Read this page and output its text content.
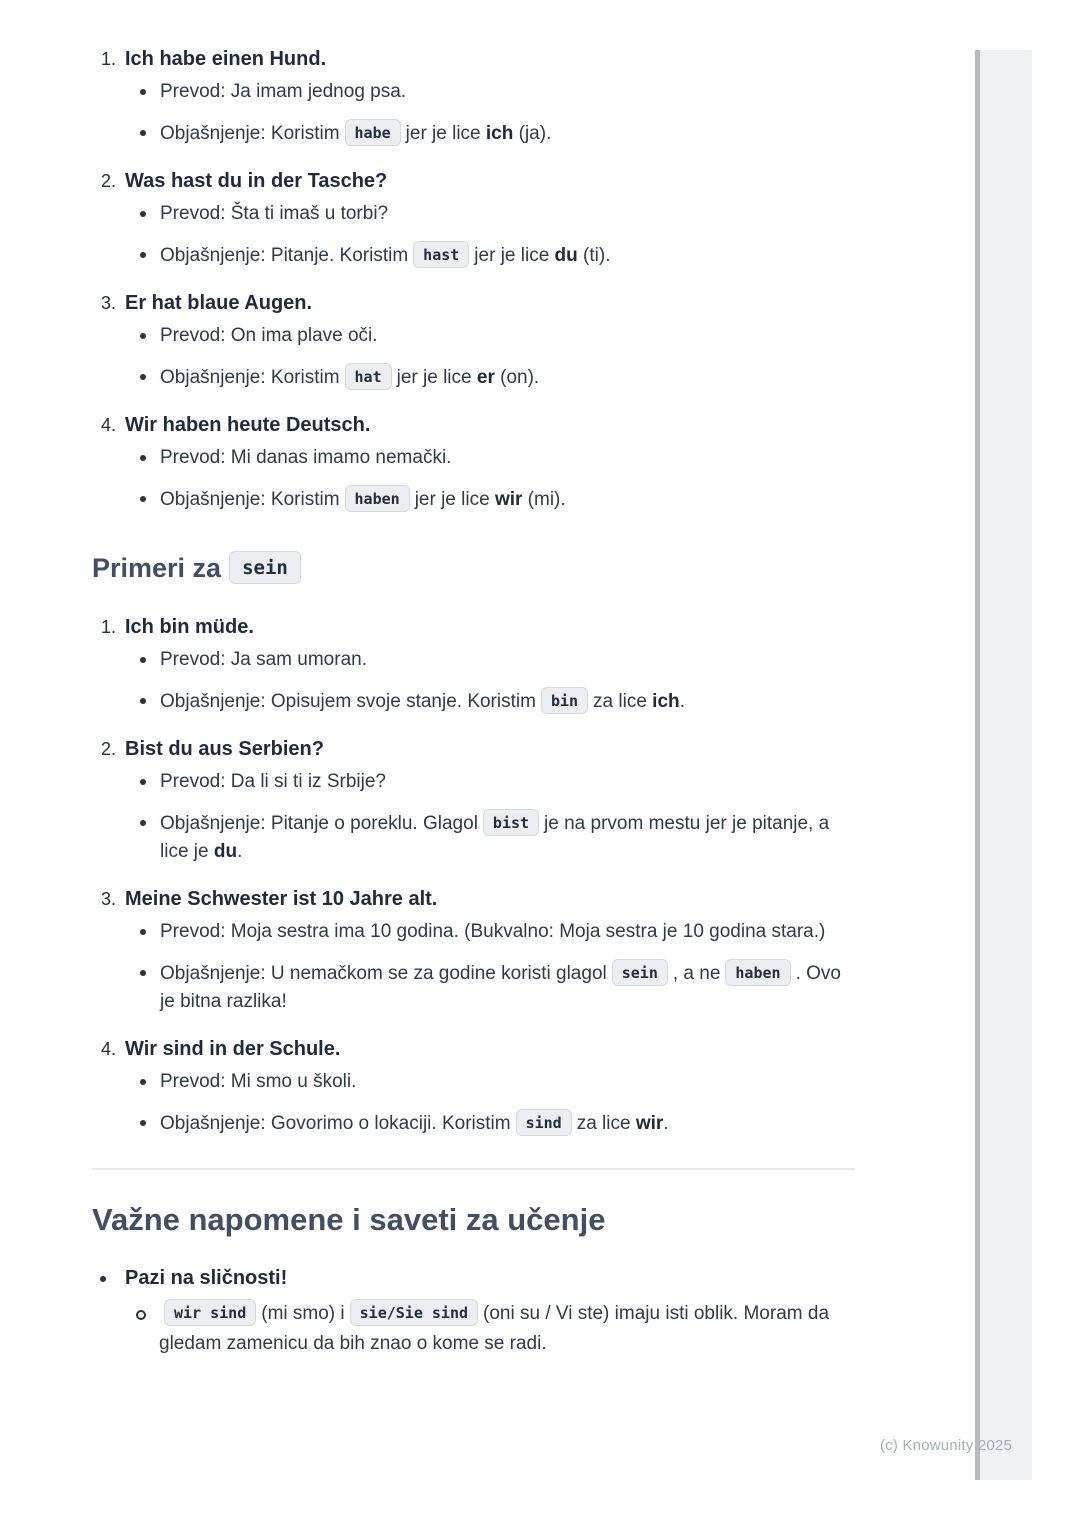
1. Ich habe einen Hund.
Prevod: Ja imam jednog psa.
Objašnjenje: Koristim habe jer je lice ich (ja).
2. Was hast du in der Tasche?
Prevod: Šta ti imaš u torbi?
Objašnjenje: Pitanje. Koristim hast jer je lice du (ti).
3. Er hat blaue Augen.
Prevod: On ima plave oči.
Objašnjenje: Koristim hat jer je lice er (on).
4. Wir haben heute Deutsch.
Prevod: Mi danas imamo nemački.
Objašnjenje: Koristim haben jer je lice wir (mi).
Primeri za sein
1. Ich bin müde.
Prevod: Ja sam umoran.
Objašnjenje: Opisujem svoje stanje. Koristim bin za lice ich.
2. Bist du aus Serbien?
Prevod: Da li si ti iz Srbije?
Objašnjenje: Pitanje o poreklu. Glagol bist je na prvom mestu jer je pitanje, a lice je du.
3. Meine Schwester ist 10 Jahre alt.
Prevod: Moja sestra ima 10 godina. (Bukvalno: Moja sestra je 10 godina stara.)
Objašnjenje: U nemačkom se za godine koristi glagol sein , a ne haben . Ovo je bitna razlika!
4. Wir sind in der Schule.
Prevod: Mi smo u školi.
Objašnjenje: Govorimo o lokaciji. Koristim sind za lice wir.
Važne napomene i saveti za učenje
Pazi na sličnosti!
wir sind (mi smo) i sie/Sie sind (oni su / Vi ste) imaju isti oblik. Moram da gledam zamenicu da bih znao o kome se radi.
(c) Knowunity 2025
